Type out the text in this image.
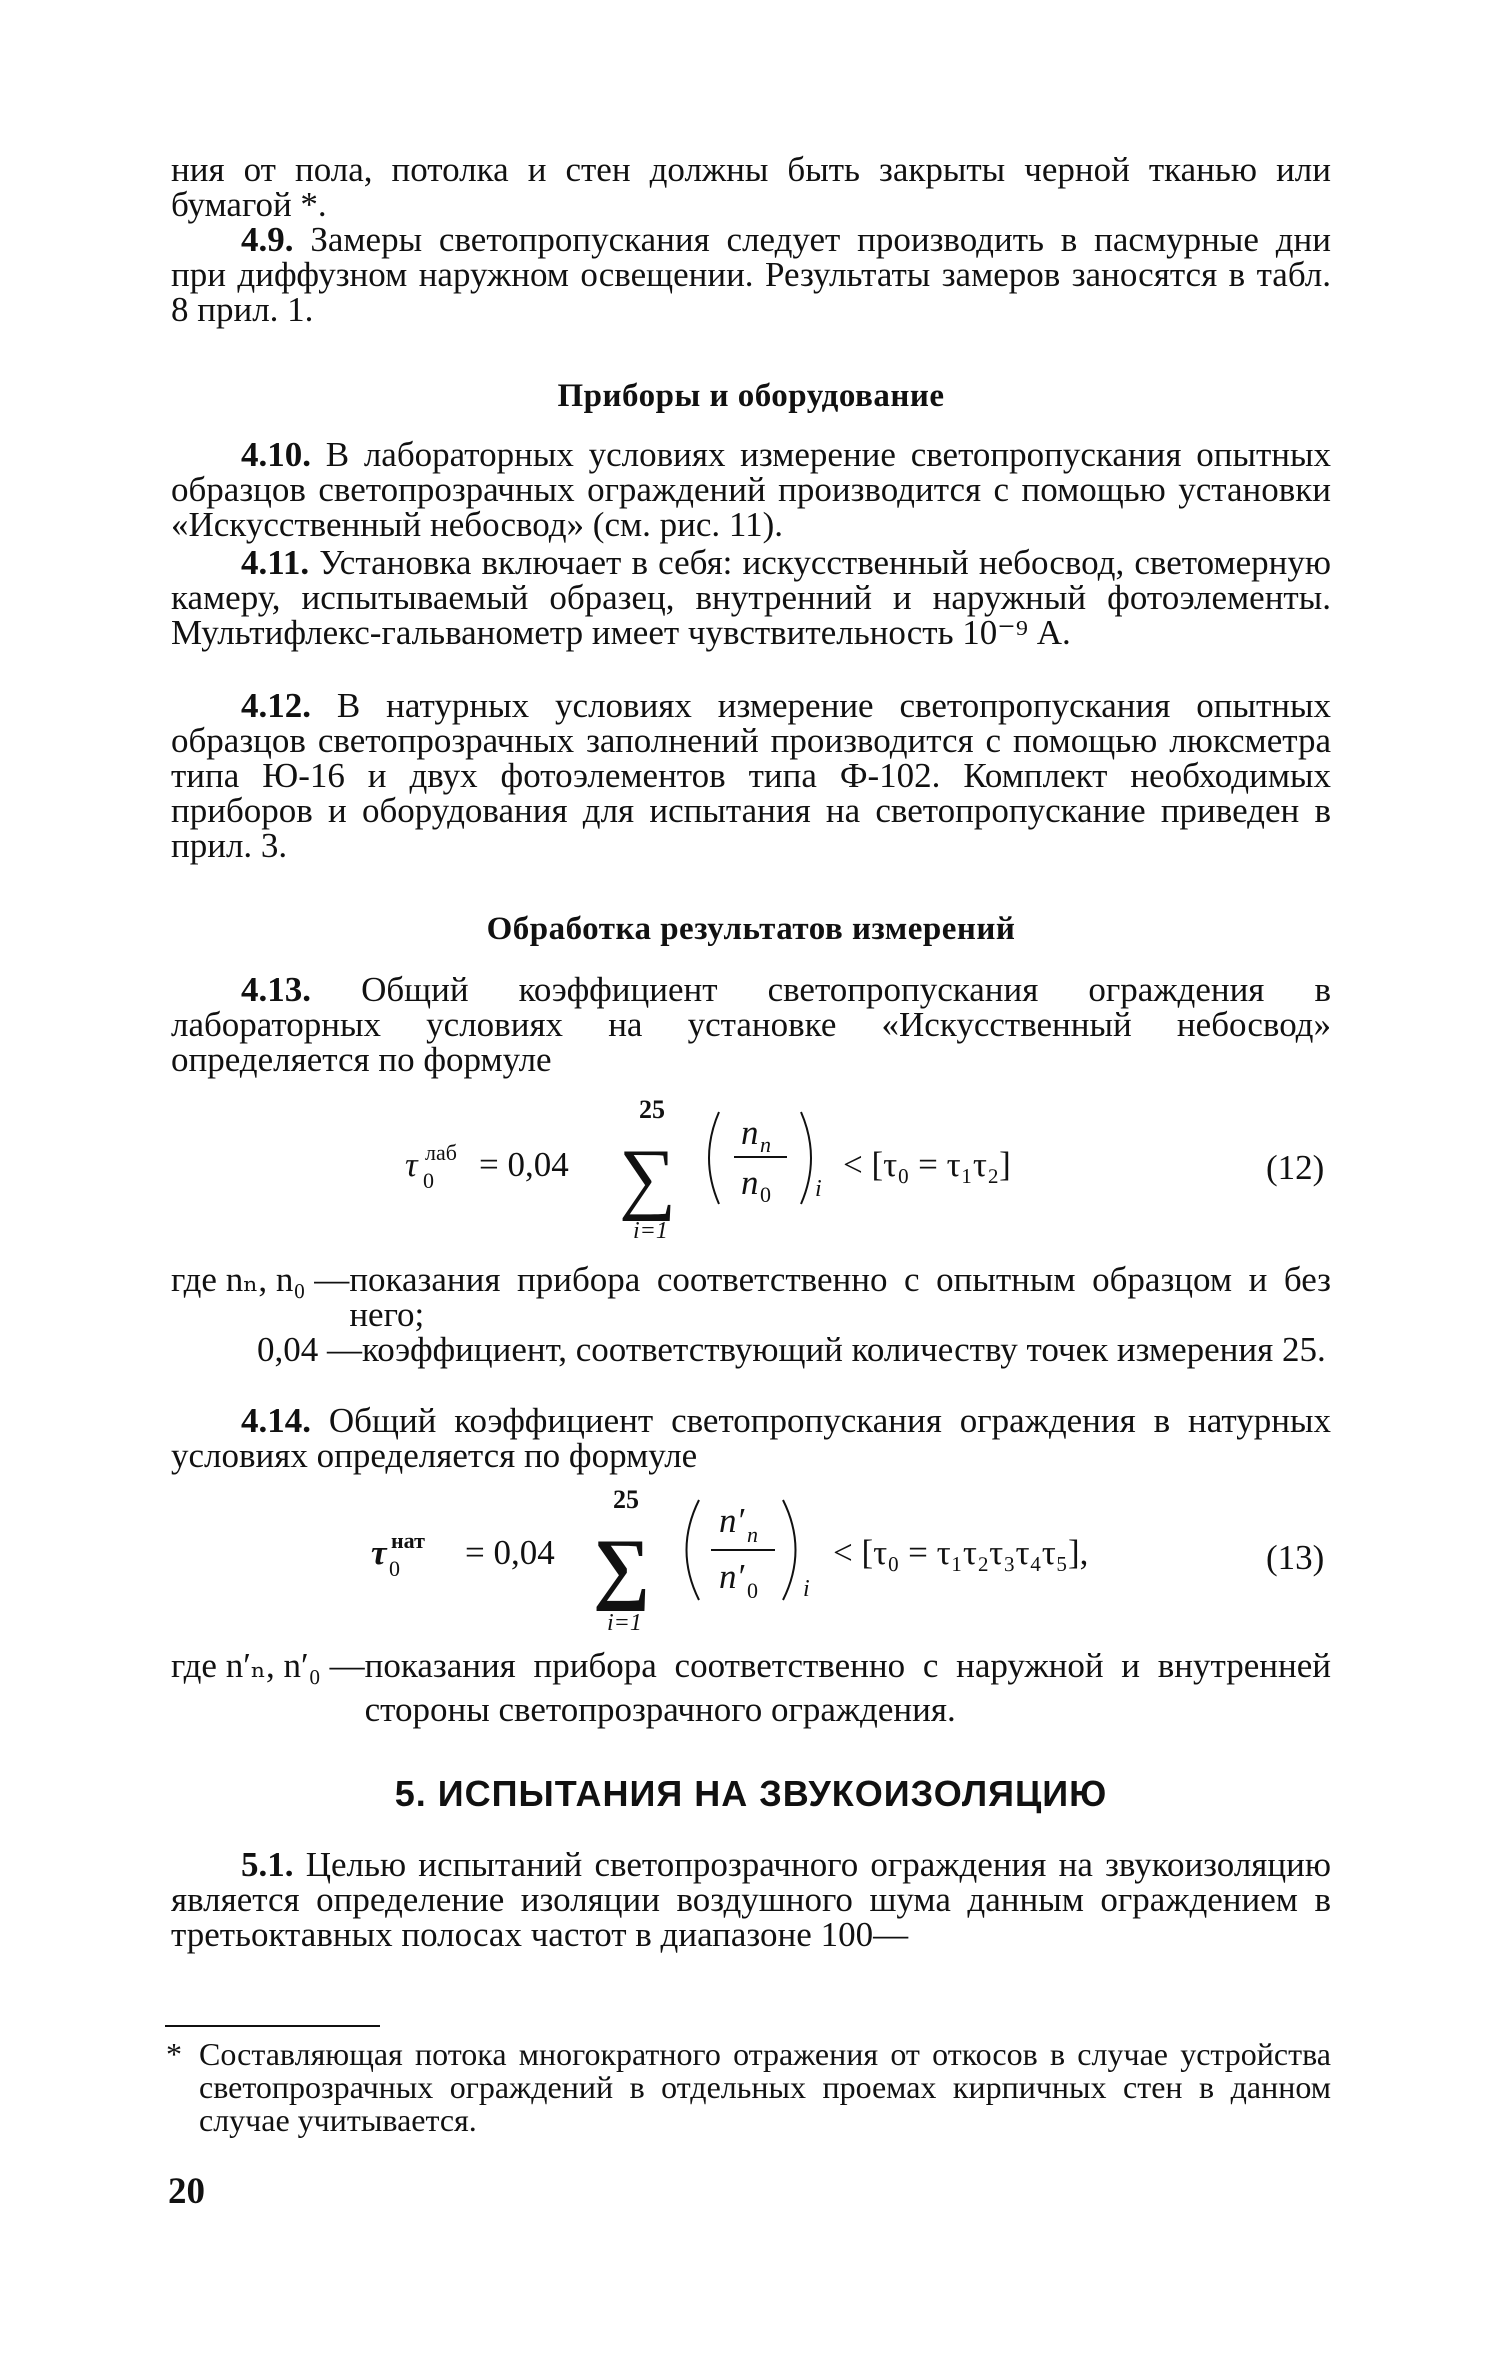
ния от пола, потолка и стен должны быть закрыты черной тканью или бумагой *.
4.9. Замеры светопропускания следует производить в пасмурные дни при диффузном наружном освещении. Результаты замеров заносятся в табл. 8 прил. 1.
Приборы и оборудование
4.10. В лабораторных условиях измерение светопропускания опытных образцов светопрозрачных ограждений производится с помощью установки «Искусственный небосвод» (см. рис. 11).
4.11. Установка включает в себя: искусственный небосвод, светомерную камеру, испытываемый образец, внутренний и наружный фотоэлементы. Мультифлекс-гальванометр имеет чувствительность 10⁻⁹ А.
4.12. В натурных условиях измерение светопропускания опытных образцов светопрозрачных заполнений производится с помощью люксметра типа Ю-16 и двух фотоэлементов типа Ф-102. Комплект необходимых приборов и оборудования для испытания на светопропускание приведен в прил. 3.
Обработка результатов измерений
4.13. Общий коэффициент светопропускания ограждения в лабораторных условиях на установке «Искусственный небосвод» определяется по формуле
τ 0
лаб = 0,04
25
∑
i=1
n n
n 0 i
< [τ₀ = τ₁τ₂]	(12)
где nₙ, n₀ — показания прибора соответственно с опытным образцом и без него;
0,04 — коэффициент, соответствующий количеству точек измерения 25.
4.14. Общий коэффициент светопропускания ограждения в натурных условиях определяется по формуле
τ 0
нат = 0,04
25
∑
i=1
n′ n
n′ 0 i
< [τ₀ = τ₁τ₂τ₃τ₄τ₅],	(13)
где n′ₙ, n′₀ — показания прибора соответственно с наружной и внутренней стороны светопрозрачного ограждения.
5. ИСПЫТАНИЯ НА ЗВУКОИЗОЛЯЦИЮ
5.1. Целью испытаний светопрозрачного ограждения на звукоизоляцию является определение изоляции воздушного шума данным ограждением в третьоктавных полосах частот в диапазоне 100—
* Составляющая потока многократного отражения от откосов в случае устройства светопрозрачных ограждений в отдельных проемах кирпичных стен в данном случае учитывается.
20
